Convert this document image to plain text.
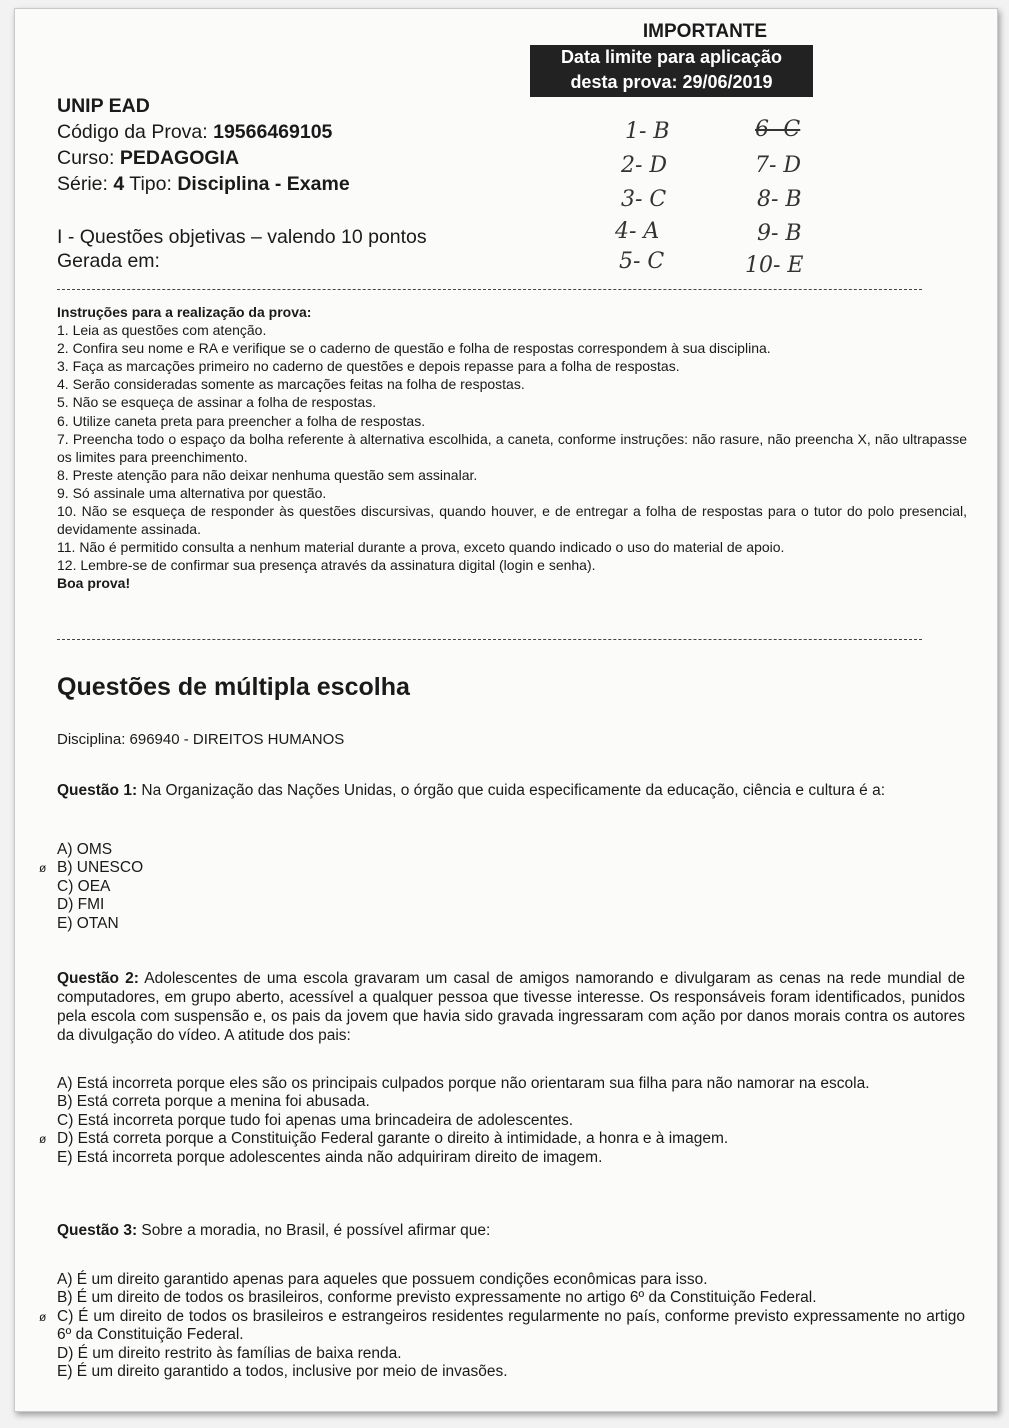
IMPORTANTE
Data limite para aplicação
desta prova: 29/06/2019
UNIP EAD
Código da Prova: 19566469105
Curso: PEDAGOGIA
Série: 4 Tipo: Disciplina - Exame
I - Questões objetivas – valendo 10 pontos
Gerada em:
1- B
2- D
3- C
4- A
5- C
6- C
7- D
8- B
9- B
10- E
Instruções para a realização da prova:
1. Leia as questões com atenção.
2. Confira seu nome e RA e verifique se o caderno de questão e folha de respostas correspondem à sua disciplina.
3. Faça as marcações primeiro no caderno de questões e depois repasse para a folha de respostas.
4. Serão consideradas somente as marcações feitas na folha de respostas.
5. Não se esqueça de assinar a folha de respostas.
6. Utilize caneta preta para preencher a folha de respostas.
7. Preencha todo o espaço da bolha referente à alternativa escolhida, a caneta, conforme instruções: não rasure, não preencha X, não ultrapasse os limites para preenchimento.
8. Preste atenção para não deixar nenhuma questão sem assinalar.
9. Só assinale uma alternativa por questão.
10. Não se esqueça de responder às questões discursivas, quando houver, e de entregar a folha de respostas para o tutor do polo presencial, devidamente assinada.
11. Não é permitido consulta a nenhum material durante a prova, exceto quando indicado o uso do material de apoio.
12. Lembre-se de confirmar sua presença através da assinatura digital (login e senha).
Boa prova!
Questões de múltipla escolha
Disciplina: 696940 - DIREITOS HUMANOS
Questão 1: Na Organização das Nações Unidas, o órgão que cuida especificamente da educação, ciência e cultura é a:
A) OMS
ø B) UNESCO
C) OEA
D) FMI
E) OTAN
Questão 2: Adolescentes de uma escola gravaram um casal de amigos namorando e divulgaram as cenas na rede mundial de computadores, em grupo aberto, acessível a qualquer pessoa que tivesse interesse. Os responsáveis foram identificados, punidos pela escola com suspensão e, os pais da jovem que havia sido gravada ingressaram com ação por danos morais contra os autores da divulgação do vídeo. A atitude dos pais:
A) Está incorreta porque eles são os principais culpados porque não orientaram sua filha para não namorar na escola.
B) Está correta porque a menina foi abusada.
C) Está incorreta porque tudo foi apenas uma brincadeira de adolescentes.
ø D) Está correta porque a Constituição Federal garante o direito à intimidade, a honra e à imagem.
E) Está incorreta porque adolescentes ainda não adquiriram direito de imagem.
Questão 3: Sobre a moradia, no Brasil, é possível afirmar que:
A) É um direito garantido apenas para aqueles que possuem condições econômicas para isso.
B) É um direito de todos os brasileiros, conforme previsto expressamente no artigo 6º da Constituição Federal.
ø C) É um direito de todos os brasileiros e estrangeiros residentes regularmente no país, conforme previsto expressamente no artigo 6º da Constituição Federal.
D) É um direito restrito às famílias de baixa renda.
E) É um direito garantido a todos, inclusive por meio de invasões.
